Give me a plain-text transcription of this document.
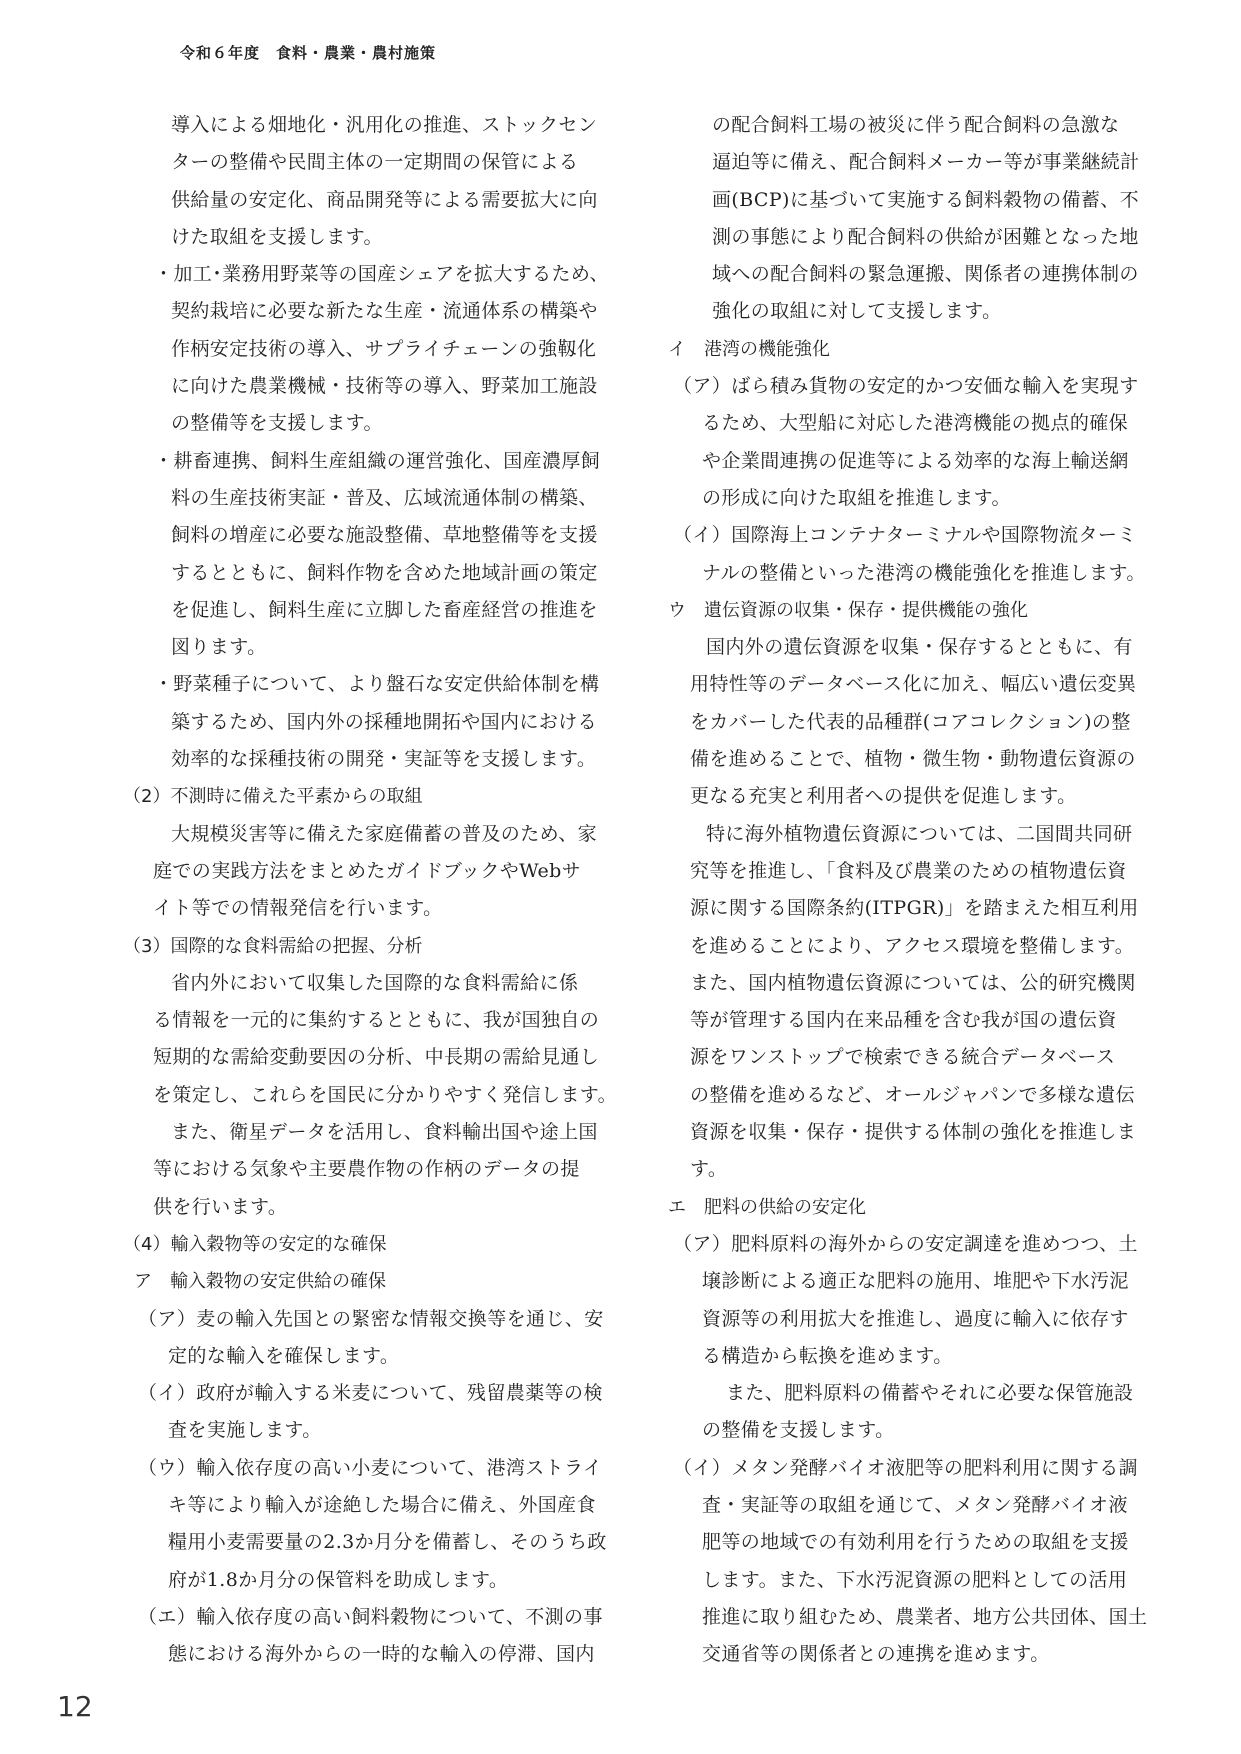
令和６年度　食料・農業・農村施策
導入による畑地化・汎用化の推進、ストックセン
ターの整備や民間主体の一定期間の保管による
供給量の安定化、商品開発等による需要拡大に向
けた取組を支援します。
・加工･業務用野菜等の国産シェアを拡大するため、
契約栽培に必要な新たな生産・流通体系の構築や
作柄安定技術の導入、サプライチェーンの強靱化
に向けた農業機械・技術等の導入、野菜加工施設
の整備等を支援します。
・耕畜連携、飼料生産組織の運営強化、国産濃厚飼
料の生産技術実証・普及、広域流通体制の構築、
飼料の増産に必要な施設整備、草地整備等を支援
するとともに、飼料作物を含めた地域計画の策定
を促進し、飼料生産に立脚した畜産経営の推進を
図ります。
・野菜種子について、より盤石な安定供給体制を構
築するため、国内外の採種地開拓や国内における
効率的な採種技術の開発・実証等を支援します。
（2）不測時に備えた平素からの取組
大規模災害等に備えた家庭備蓄の普及のため、家
庭での実践方法をまとめたガイドブックやWebサ
イト等での情報発信を行います。
（3）国際的な食料需給の把握、分析
省内外において収集した国際的な食料需給に係
る情報を一元的に集約するとともに、我が国独自の
短期的な需給変動要因の分析、中長期の需給見通し
を策定し、これらを国民に分かりやすく発信します。
また、衛星データを活用し、食料輸出国や途上国
等における気象や主要農作物の作柄のデータの提
供を行います。
（4）輸入穀物等の安定的な確保
ア　輸入穀物の安定供給の確保
（ア）麦の輸入先国との緊密な情報交換等を通じ、安
定的な輸入を確保します。
（イ）政府が輸入する米麦について、残留農薬等の検
査を実施します。
（ウ）輸入依存度の高い小麦について、港湾ストライ
キ等により輸入が途絶した場合に備え、外国産食
糧用小麦需要量の2.3か月分を備蓄し、そのうち政
府が1.8か月分の保管料を助成します。
（エ）輸入依存度の高い飼料穀物について、不測の事
態における海外からの一時的な輸入の停滞、国内
の配合飼料工場の被災に伴う配合飼料の急激な
逼迫等に備え、配合飼料メーカー等が事業継続計
画(BCP)に基づいて実施する飼料穀物の備蓄、不
測の事態により配合飼料の供給が困難となった地
域への配合飼料の緊急運搬、関係者の連携体制の
強化の取組に対して支援します。
イ　港湾の機能強化
（ア）ばら積み貨物の安定的かつ安価な輸入を実現す
るため、大型船に対応した港湾機能の拠点的確保
や企業間連携の促進等による効率的な海上輸送網
の形成に向けた取組を推進します。
（イ）国際海上コンテナターミナルや国際物流ターミ
ナルの整備といった港湾の機能強化を推進します。
ウ　遺伝資源の収集・保存・提供機能の強化
国内外の遺伝資源を収集・保存するとともに、有
用特性等のデータベース化に加え、幅広い遺伝変異
をカバーした代表的品種群(コアコレクション)の整
備を進めることで、植物・微生物・動物遺伝資源の
更なる充実と利用者への提供を促進します。
特に海外植物遺伝資源については、二国間共同研
究等を推進し、「食料及び農業のための植物遺伝資
源に関する国際条約(ITPGR)」を踏まえた相互利用
を進めることにより、アクセス環境を整備します。
また、国内植物遺伝資源については、公的研究機関
等が管理する国内在来品種を含む我が国の遺伝資
源をワンストップで検索できる統合データベース
の整備を進めるなど、オールジャパンで多様な遺伝
資源を収集・保存・提供する体制の強化を推進しま
す。
エ　肥料の供給の安定化
（ア）肥料原料の海外からの安定調達を進めつつ、土
壌診断による適正な肥料の施用、堆肥や下水汚泥
資源等の利用拡大を推進し、過度に輸入に依存す
る構造から転換を進めます。
また、肥料原料の備蓄やそれに必要な保管施設
の整備を支援します。
（イ）メタン発酵バイオ液肥等の肥料利用に関する調
査・実証等の取組を通じて、メタン発酵バイオ液
肥等の地域での有効利用を行うための取組を支援
します。また、下水汚泥資源の肥料としての活用
推進に取り組むため、農業者、地方公共団体、国土
交通省等の関係者との連携を進めます。
12
